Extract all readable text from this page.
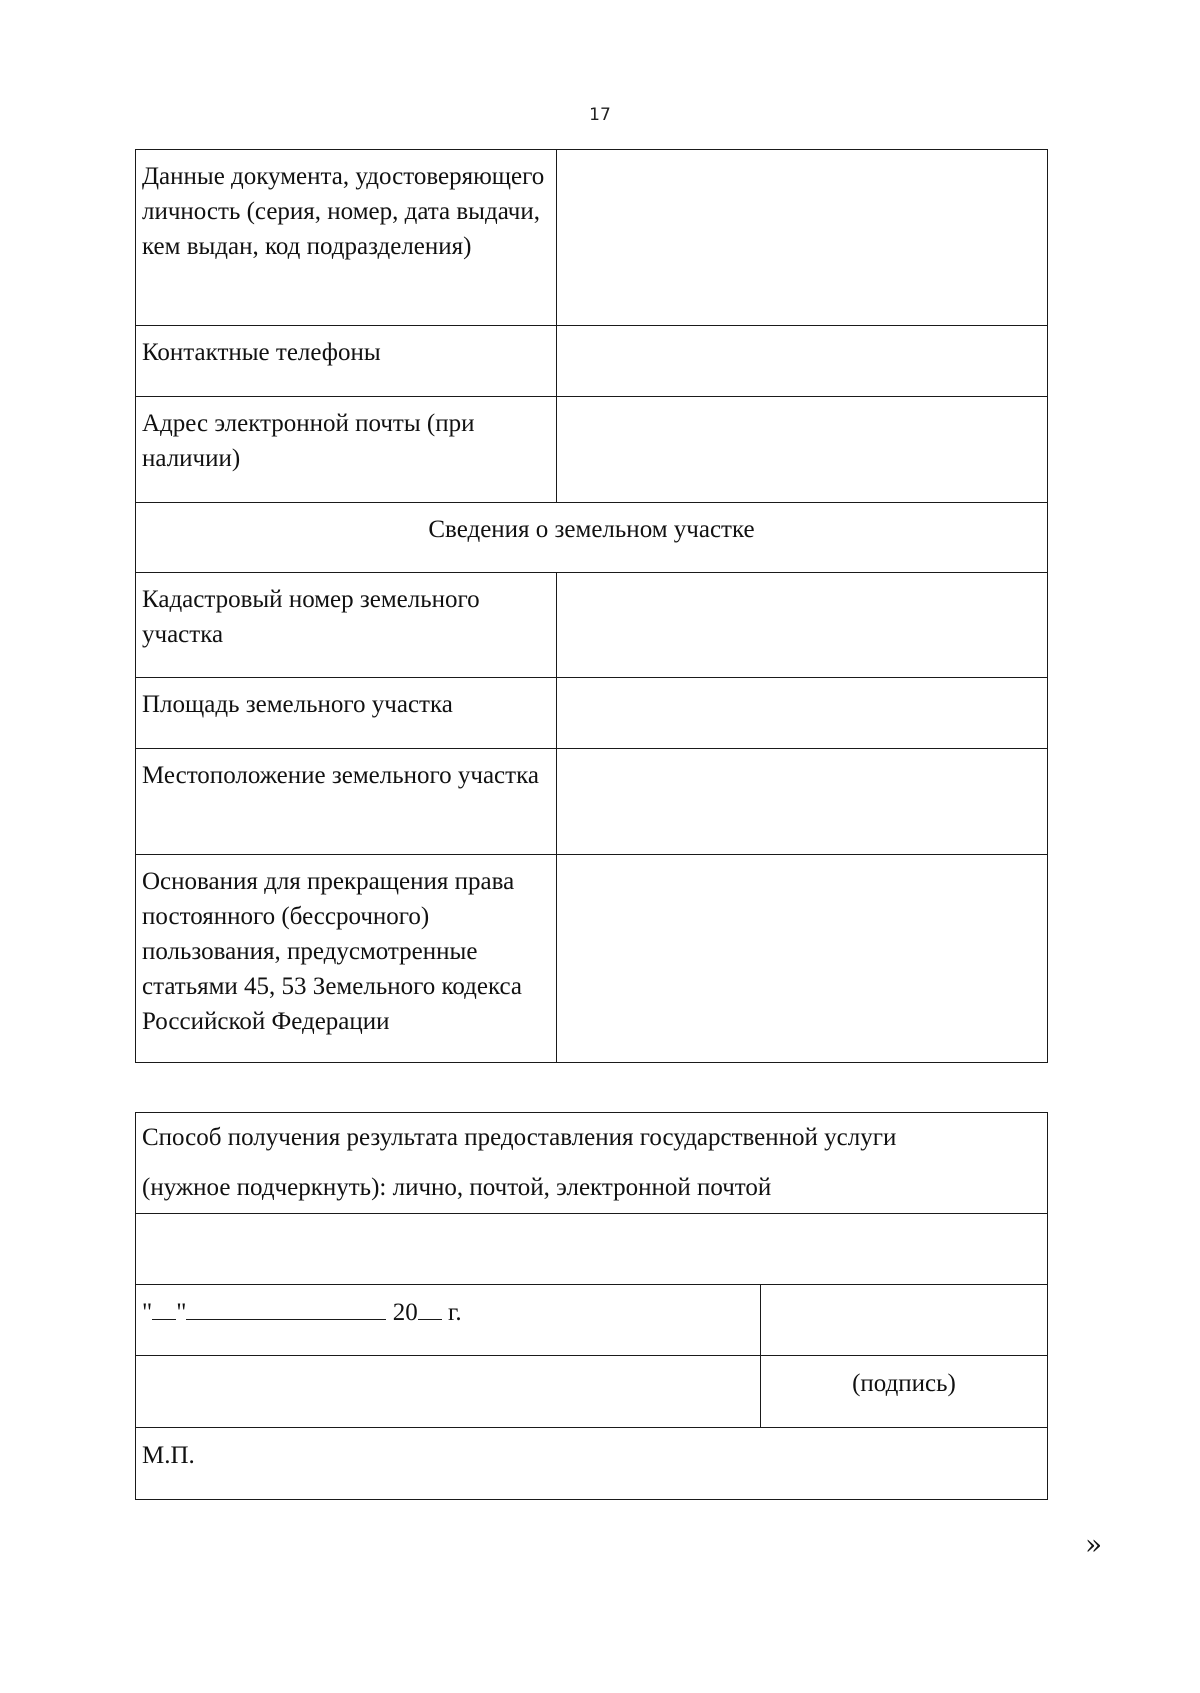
17
Данные документа, удостоверяющего личность (серия, номер, дата выдачи, кем выдан, код подразделения)	
Контактные телефоны	
Адрес электронной почты (при наличии)	
Сведения о земельном участке	
Кадастровый номер земельного участка	
Площадь земельного участка	
Местоположение земельного участка	
Основания для прекращения права постоянного (бессрочного) пользования, предусмотренные статьями 45, 53 Земельного кодекса Российской Федерации	
Способ получения результата предоставления государственной услуги
(нужное подчеркнуть): лично, почтой, электронной почтой	

" " 20 г.	
	(подпись)
М.П.	
»
